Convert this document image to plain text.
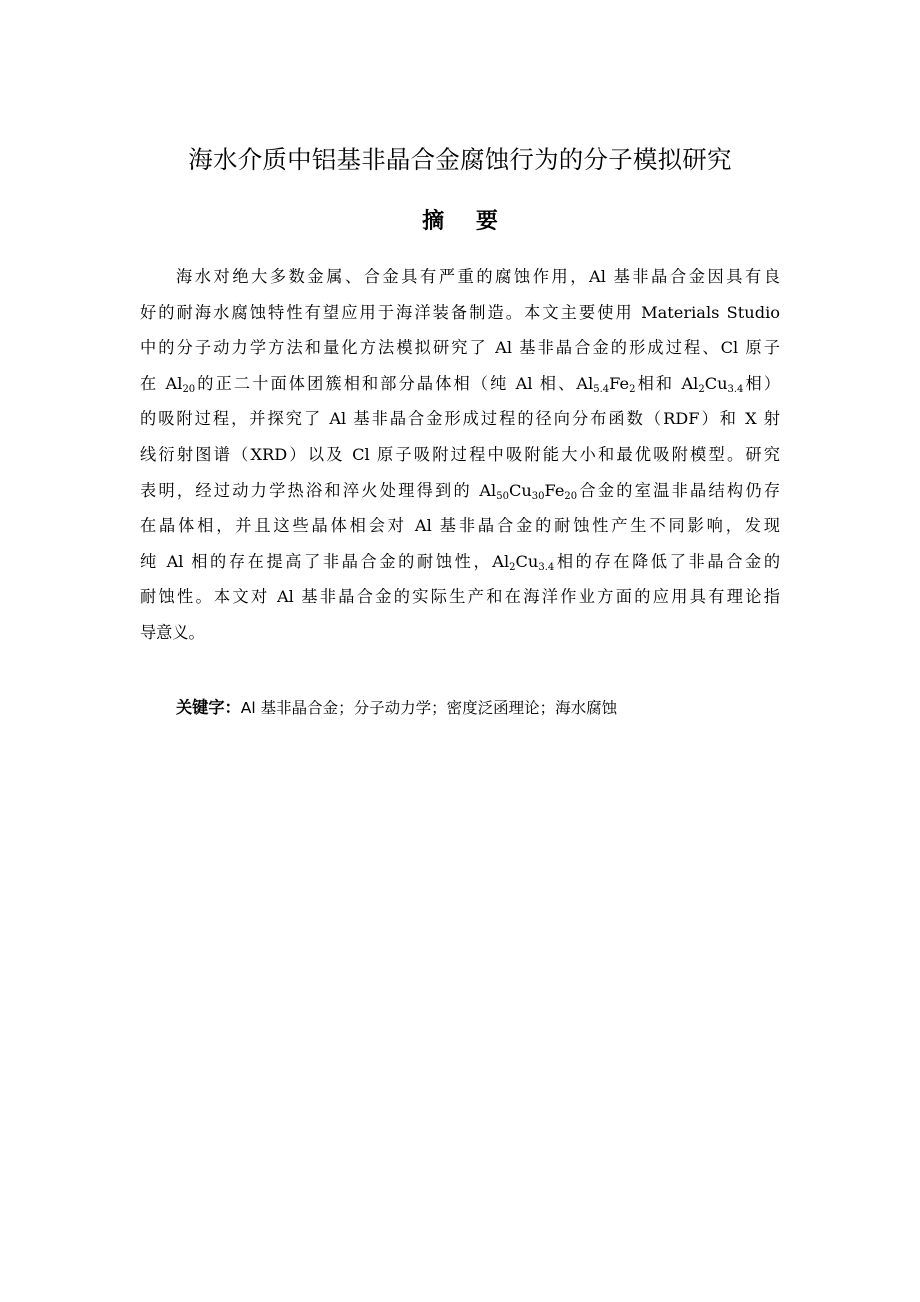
海水介质中铝基非晶合金腐蚀行为的分子模拟研究
摘 要
海水对绝大多数金属、合金具有严重的腐蚀作用，Al 基非晶合金因具有良
好的耐海水腐蚀特性有望应用于海洋装备制造。本文主要使用 Materials Studio
中的分子动力学方法和量化方法模拟研究了 Al 基非晶合金的形成过程、Cl 原子
在 $Al_{20}$的正二十面体团簇相和部分晶体相（纯 Al 相、$Al_{5.4}Fe_2$相和 $Al_2Cu_{3.4}$相）
的吸附过程，并探究了 Al 基非晶合金形成过程的径向分布函数（RDF）和 X 射
线衍射图谱（XRD）以及 Cl 原子吸附过程中吸附能大小和最优吸附模型。研究
表明，经过动力学热浴和淬火处理得到的 $Al_{50}Cu_{30}Fe_{20}$合金的室温非晶结构仍存
在晶体相，并且这些晶体相会对 Al 基非晶合金的耐蚀性产生不同影响，发现
纯 Al 相的存在提高了非晶合金的耐蚀性，$Al_2Cu_{3.4}$相的存在降低了非晶合金的
耐蚀性。本文对 Al 基非晶合金的实际生产和在海洋作业方面的应用具有理论指
导意义。
关键字：Al 基非晶合金；分子动力学；密度泛函理论；海水腐蚀
